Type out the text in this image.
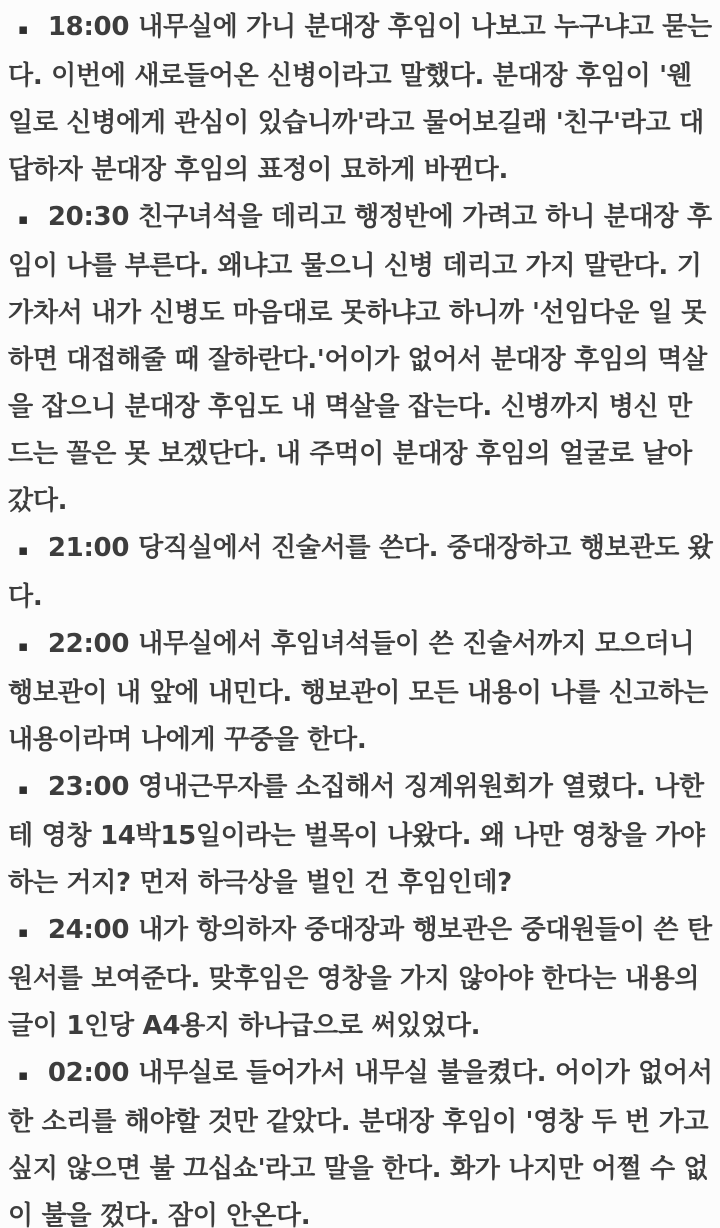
▪ 18:00 내무실에 가니 분대장 후임이 나보고 누구냐고 묻는다. 이번에 새로들어온 신병이라고 말했다. 분대장 후임이 '웬일로 신병에게 관심이 있습니까'라고 물어보길래 '친구'라고 대답하자 분대장 후임의 표정이 묘하게 바뀐다.

▪ 20:30 친구녀석을 데리고 행정반에 가려고 하니 분대장 후임이 나를 부른다. 왜냐고 물으니 신병 데리고 가지 말란다. 기가차서 내가 신병도 마음대로 못하냐고 하니까 '선임다운 일 못하면 대접해줄 때 잘하란다.'어이가 없어서 분대장 후임의 멱살을 잡으니 분대장 후임도 내 멱살을 잡는다. 신병까지 병신 만드는 꼴은 못 보겠단다. 내 주먹이 분대장 후임의 얼굴로 날아갔다.

▪ 21:00 당직실에서 진술서를 쓴다. 중대장하고 행보관도 왔다.

▪ 22:00 내무실에서 후임녀석들이 쓴 진술서까지 모으더니 행보관이 내 앞에 내민다. 행보관이 모든 내용이 나를 신고하는 내용이라며 나에게 꾸중을 한다.

▪ 23:00 영내근무자를 소집해서 징계위원회가 열렸다. 나한테 영창 14박15일이라는 벌목이 나왔다. 왜 나만 영창을 가야하는 거지? 먼저 하극상을 벌인 건 후임인데?

▪ 24:00 내가 항의하자 중대장과 행보관은 중대원들이 쓴 탄원서를 보여준다. 맞후임은 영창을 가지 않아야 한다는 내용의 글이 1인당 A4용지 하나급으로 써있었다.

▪ 02:00 내무실로 들어가서 내무실 불을켰다. 어이가 없어서 한 소리를 해야할 것만 같았다. 분대장 후임이 '영창 두 번 가고 싶지 않으면 불 끄십쇼'라고 말을 한다. 화가 나지만 어쩔 수 없이 불을 껐다. 잠이 안온다.
